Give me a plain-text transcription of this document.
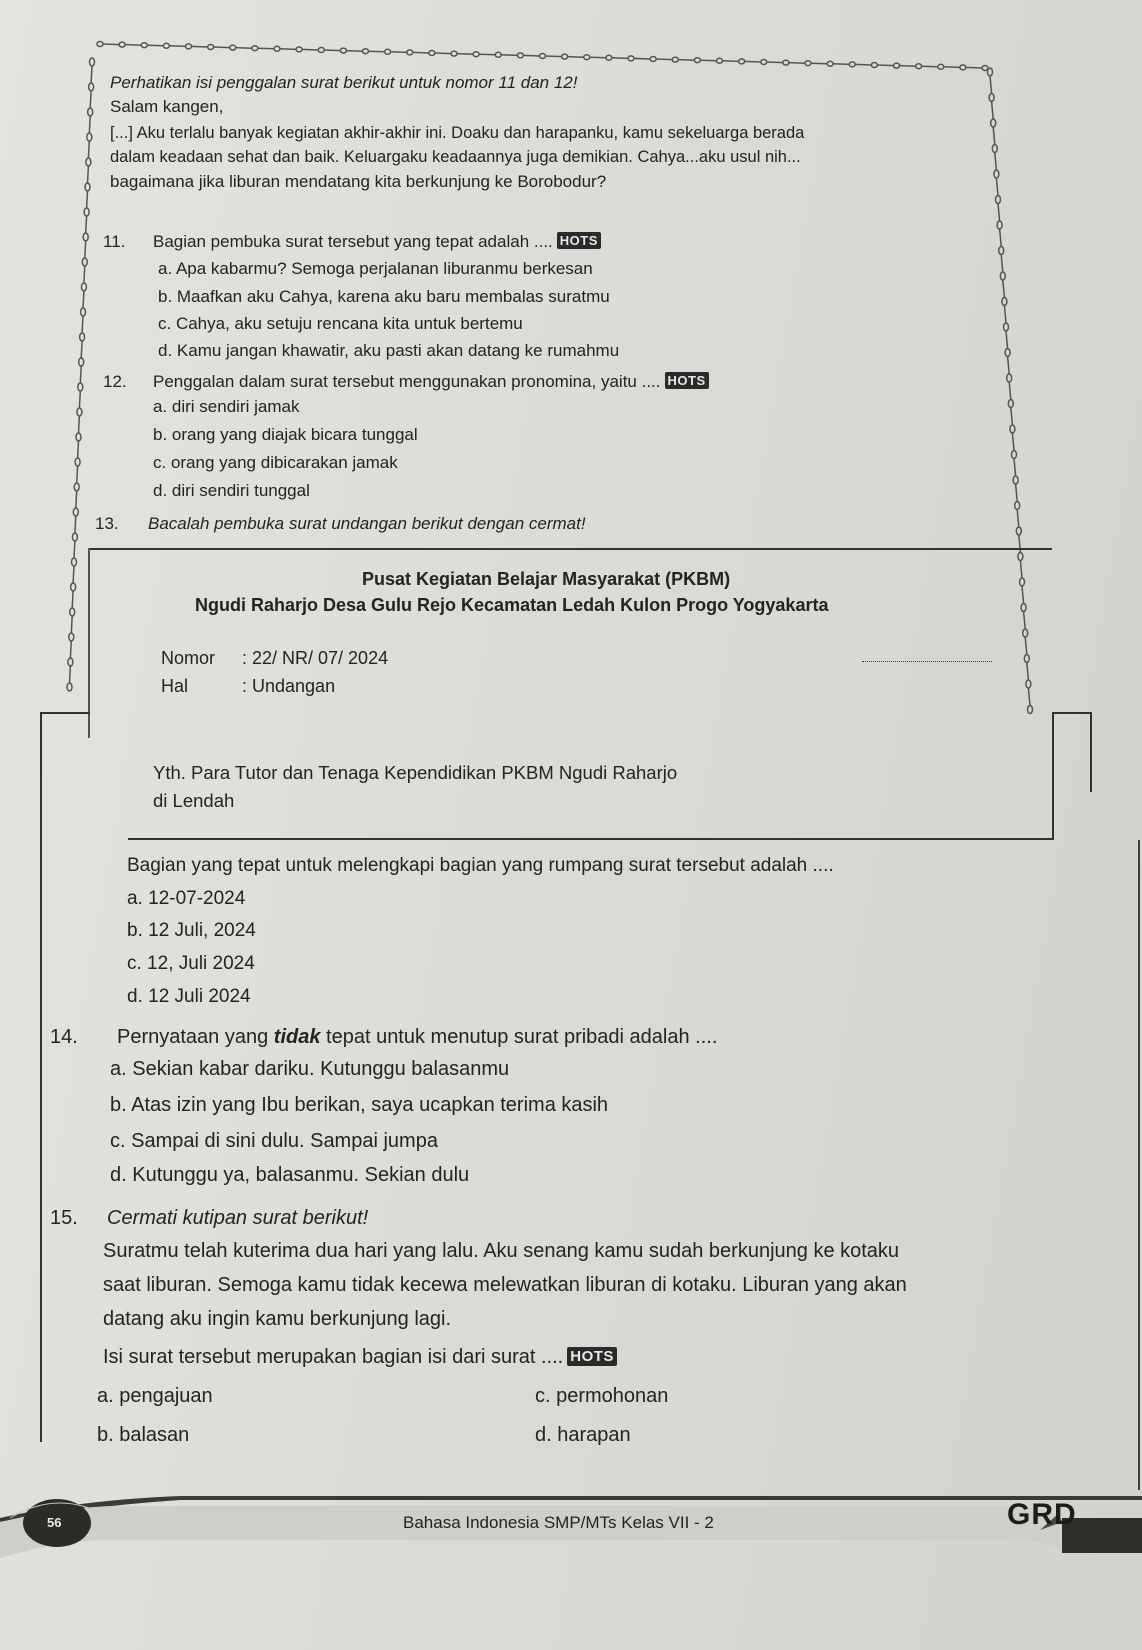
Perhatikan isi penggalan surat berikut untuk nomor 11 dan 12!
Salam kangen,
[...] Aku terlalu banyak kegiatan akhir-akhir ini. Doaku dan harapanku, kamu sekeluarga berada
dalam keadaan sehat dan baik. Keluargaku keadaannya juga demikian. Cahya...aku usul nih...
bagaimana jika liburan mendatang kita berkunjung ke Borobodur?
11. Bagian pembuka surat tersebut yang tepat adalah .... HOTS
a. Apa kabarmu? Semoga perjalanan liburanmu berkesan
b. Maafkan aku Cahya, karena aku baru membalas suratmu
c. Cahya, aku setuju rencana kita untuk bertemu
d. Kamu jangan khawatir, aku pasti akan datang ke rumahmu
12. Penggalan dalam surat tersebut menggunakan pronomina, yaitu .... HOTS
a. diri sendiri jamak
b. orang yang diajak bicara tunggal
c. orang yang dibicarakan jamak
d. diri sendiri tunggal
13. Bacalah pembuka surat undangan berikut dengan cermat!
Pusat Kegiatan Belajar Masyarakat (PKBM)
Ngudi Raharjo Desa Gulu Rejo Kecamatan Ledah Kulon Progo Yogyakarta
Nomor : 22/ NR/ 07/ 2024
Hal	: Undangan
Yth. Para Tutor dan Tenaga Kependidikan PKBM Ngudi Raharjo
di Lendah
Bagian yang tepat untuk melengkapi bagian yang rumpang surat tersebut adalah ....
a. 12-07-2024
b. 12 Juli, 2024
c. 12, Juli 2024
d. 12 Juli 2024
14. Pernyataan yang tidak tepat untuk menutup surat pribadi adalah ....
a. Sekian kabar dariku. Kutunggu balasanmu
b. Atas izin yang Ibu berikan, saya ucapkan terima kasih
c. Sampai di sini dulu. Sampai jumpa
d. Kutunggu ya, balasanmu. Sekian dulu
15. Cermati kutipan surat berikut!
Suratmu telah kuterima dua hari yang lalu. Aku senang kamu sudah berkunjung ke kotaku
saat liburan. Semoga kamu tidak kecewa melewatkan liburan di kotaku. Liburan yang akan
datang aku ingin kamu berkunjung lagi.
Isi surat tersebut merupakan bagian isi dari surat .... HOTS
a. pengajuan	c. permohonan
b. balasan	d. harapan
56	Bahasa Indonesia SMP/MTs Kelas VII - 2	GRD
